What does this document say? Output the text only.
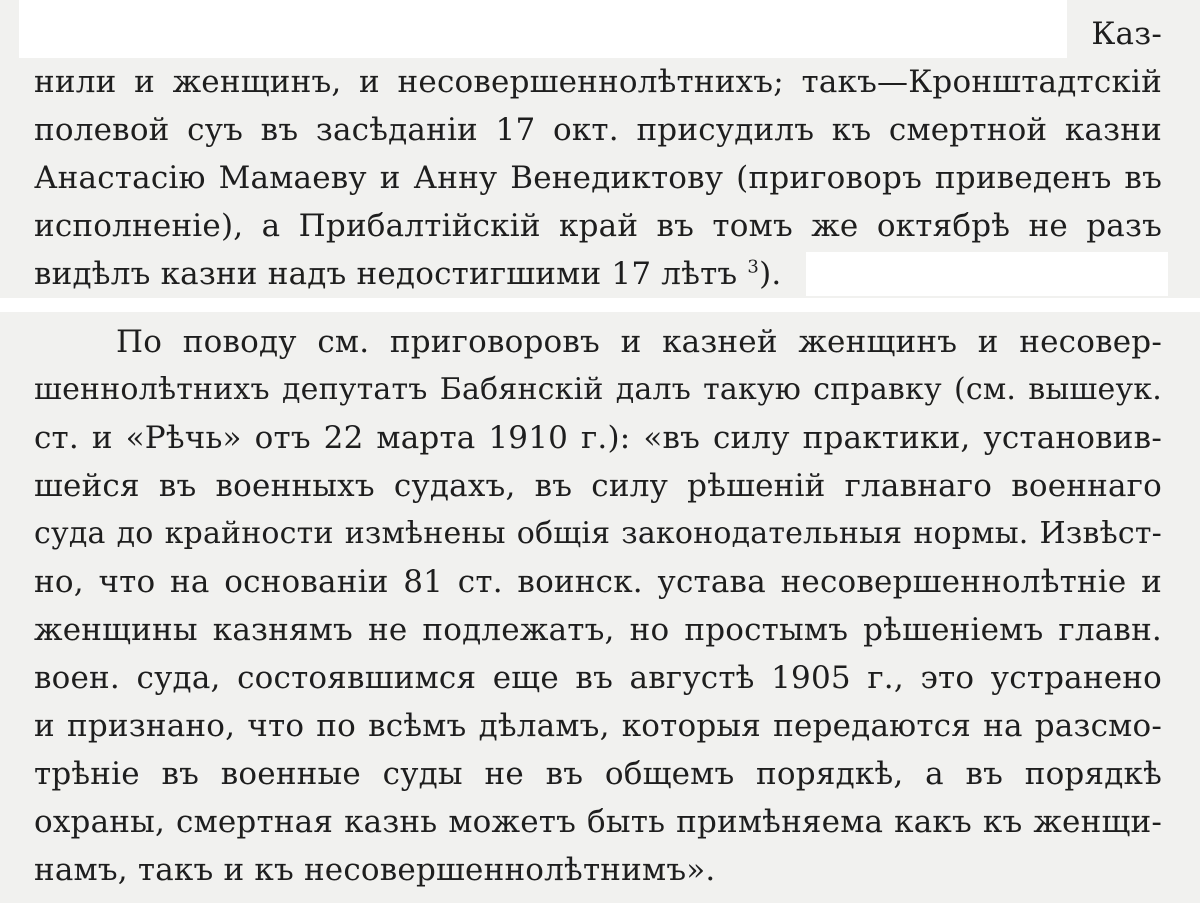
Каз-
нили и женщинъ, и несовершеннолѣтнихъ; такъ—Кронштадтскiй
полевой суъ въ засѣданiи 17 окт. присудилъ къ смертной казни
Анастасiю Мамаеву и Анну Венедиктову (приговоръ приведенъ въ
исполненiе), а Прибалтiйскiй край въ томъ же октябрѣ не разъ
видѣлъ казни надъ недостигшими 17 лѣтъ $^3$).
По поводу см. приговоровъ и казней женщинъ и несовер-
шеннолѣтнихъ депутатъ Бабянскiй далъ такую справку (см. вышеук.
ст. и «Рѣчь» отъ 22 марта 1910 г.): «въ силу практики, установив-
шейся въ военныхъ судахъ, въ силу рѣшенiй главнаго военнаго
суда до крайности измѣнены общiя законодательныя нормы. Извѣст-
но, что на основанiи 81 ст. воинск. устава несовершеннолѣтнiе и
женщины казнямъ не подлежатъ, но простымъ рѣшенiемъ главн.
воен. суда, состоявшимся еще въ августѣ 1905 г., это устранено
и признано, что по всѣмъ дѣламъ, которыя передаются на разсмо-
трѣнiе въ военные суды не въ общемъ порядкѣ, а въ порядкѣ
охраны, смертная казнь можетъ быть примѣняема какъ къ женщи-
намъ, такъ и къ несовершеннолѣтнимъ».
